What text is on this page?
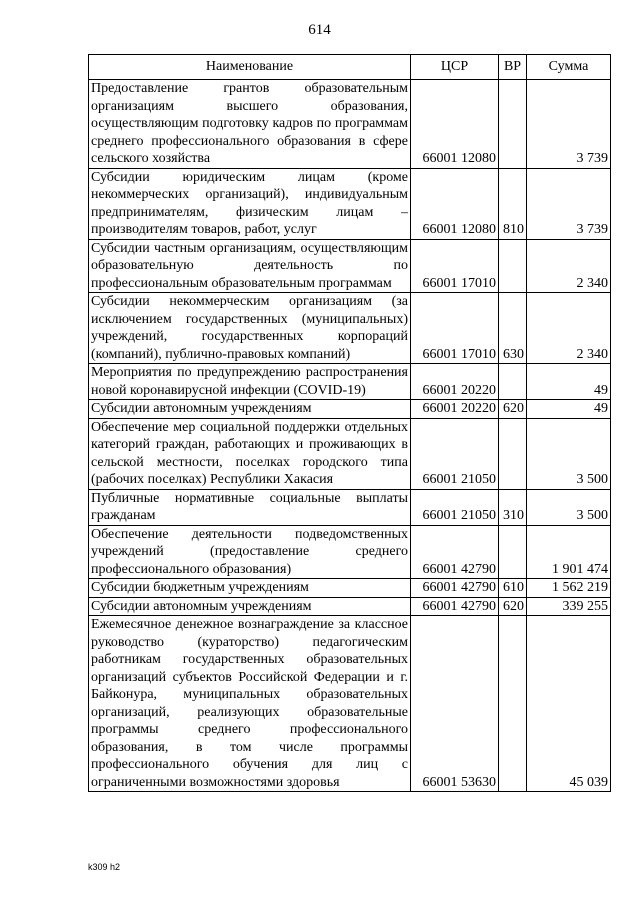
614
Наименование	ЦСР	ВР	Сумма
Предоставление грантов образовательным организациям высшего образования, осуществляющим подготовку кадров по программам среднего профессионального образования в сфере сельского хозяйства	66001 12080		3 739
Субсидии юридическим лицам (кроме некоммерческих организаций), индивидуальным предпринимателям, физическим лицам – производителям товаров, работ, услуг	66001 12080	810	3 739
Субсидии частным организациям, осуществляющим образовательную деятельность по профессиональным образовательным программам	66001 17010		2 340
Субсидии некоммерческим организациям (за исключением государственных (муниципальных) учреждений, государственных корпораций (компаний), публично-правовых компаний)	66001 17010	630	2 340
Мероприятия по предупреждению распространения новой коронавирусной инфекции (COVID-19)	66001 20220		49
Субсидии автономным учреждениям	66001 20220	620	49
Обеспечение мер социальной поддержки отдельных категорий граждан, работающих и проживающих в сельской местности, поселках городского типа (рабочих поселках) Республики Хакасия	66001 21050		3 500
Публичные нормативные социальные выплаты гражданам	66001 21050	310	3 500
Обеспечение деятельности подведомственных учреждений (предоставление среднего профессионального образования)	66001 42790		1 901 474
Субсидии бюджетным учреждениям	66001 42790	610	1 562 219
Субсидии автономным учреждениям	66001 42790	620	339 255
Ежемесячное денежное вознаграждение за классное руководство (кураторство) педагогическим работникам государственных образовательных организаций субъектов Российской Федерации и г. Байконура, муниципальных образовательных организаций, реализующих образовательные программы среднего профессионального образования, в том числе программы профессионального обучения для лиц с ограниченными возможностями здоровья	66001 53630		45 039
k309 h2
